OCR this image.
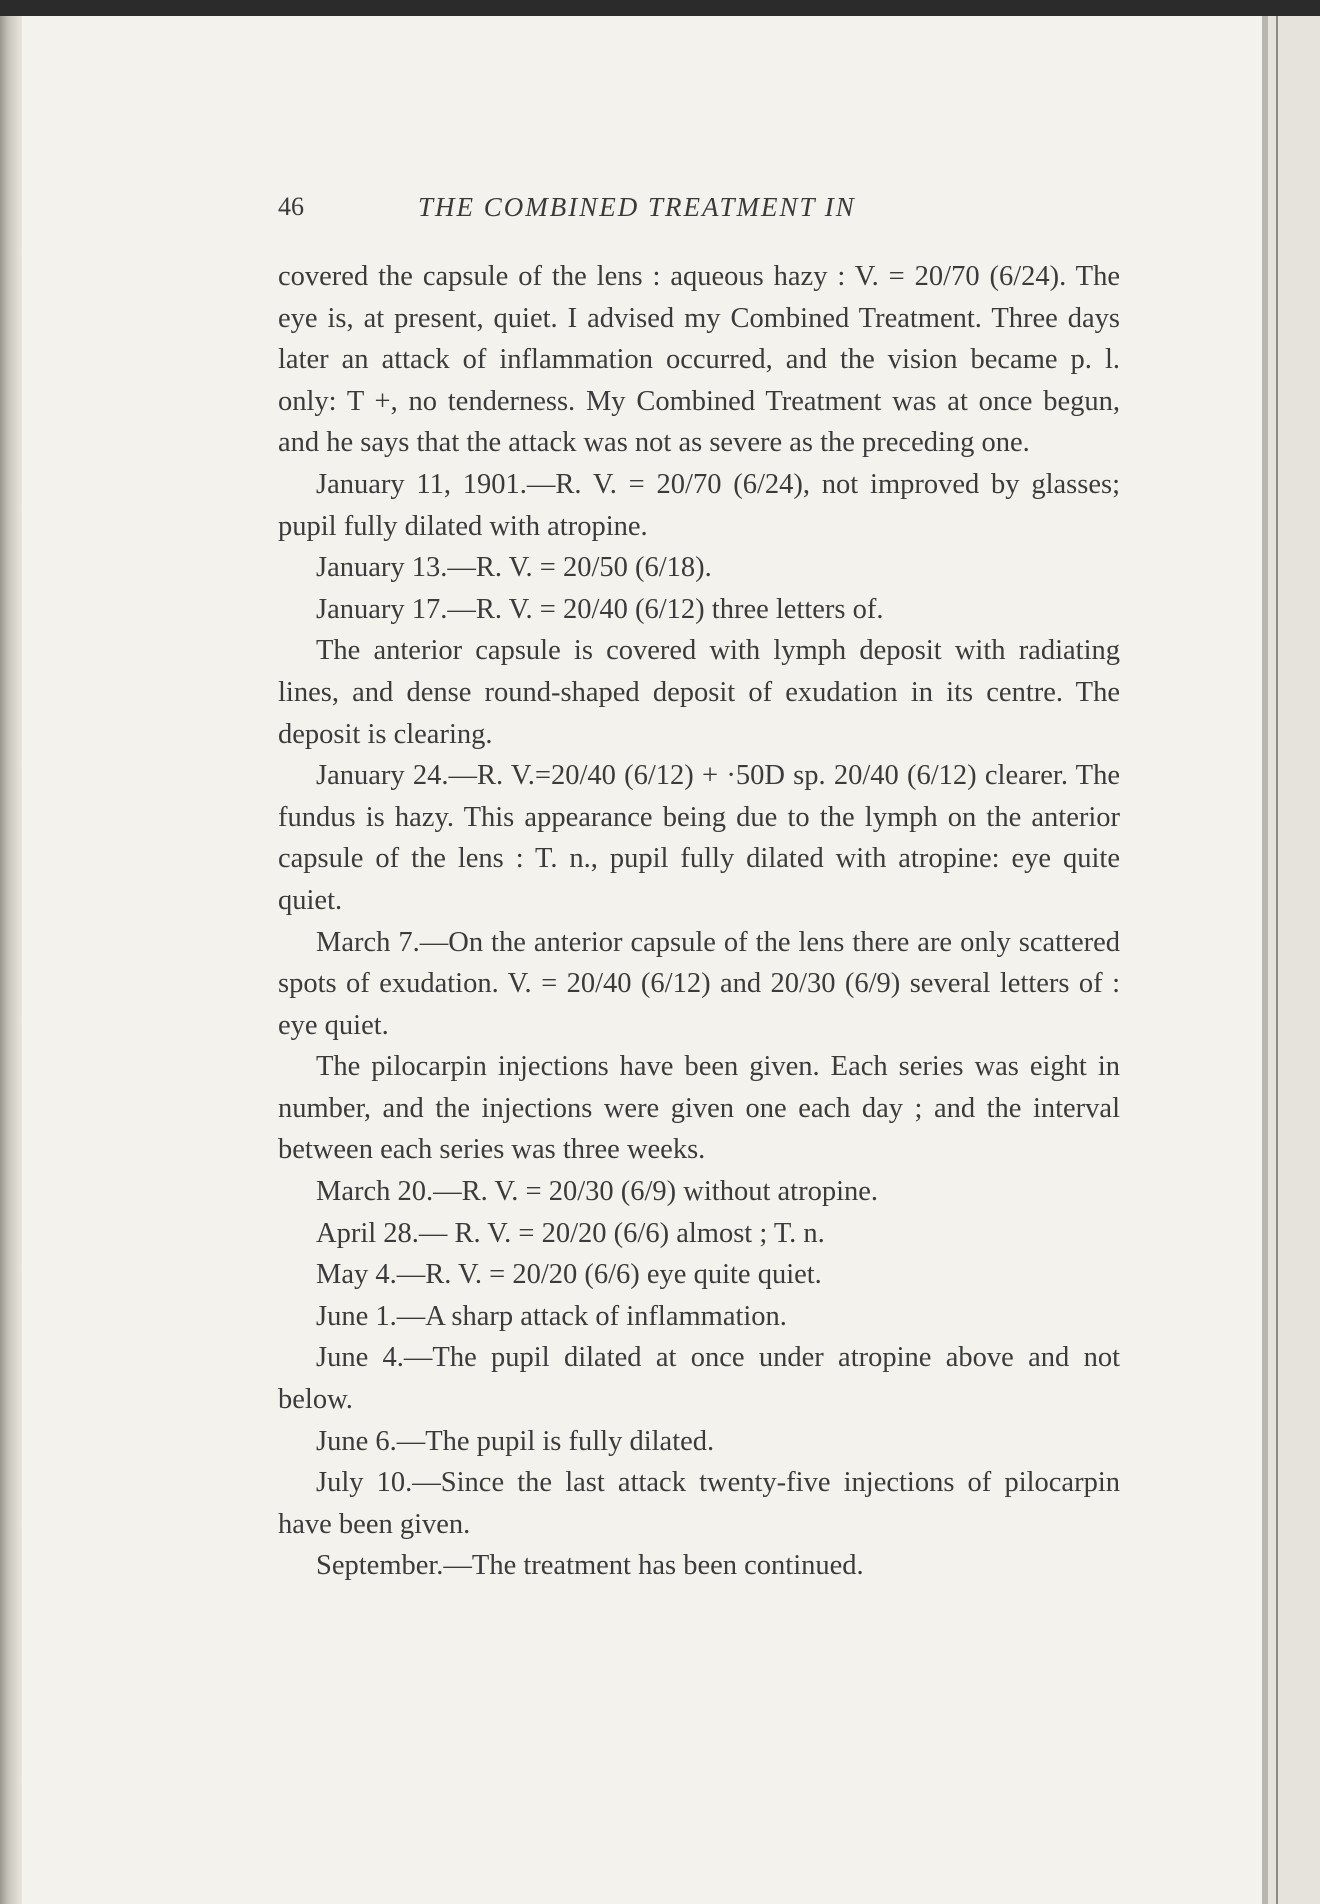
46	THE COMBINED TREATMENT IN

covered the capsule of the lens : aqueous hazy : V. = 20/70 (6/24). The eye is, at present, quiet. I advised my Combined Treatment. Three days later an attack of inflammation occurred, and the vision became p. l. only: T +, no tenderness. My Combined Treatment was at once begun, and he says that the attack was not as severe as the preceding one.

January 11, 1901.—R. V. = 20/70 (6/24), not improved by glasses; pupil fully dilated with atropine.

January 13.—R. V. = 20/50 (6/18).

January 17.—R. V. = 20/40 (6/12) three letters of.

The anterior capsule is covered with lymph deposit with radiating lines, and dense round-shaped deposit of exudation in its centre. The deposit is clearing.

January 24.—R. V.=20/40 (6/12) + ·50D sp. 20/40 (6/12) clearer. The fundus is hazy. This appearance being due to the lymph on the anterior capsule of the lens : T. n., pupil fully dilated with atropine: eye quite quiet.

March 7.—On the anterior capsule of the lens there are only scattered spots of exudation. V. = 20/40 (6/12) and 20/30 (6/9) several letters of : eye quiet.

The pilocarpin injections have been given. Each series was eight in number, and the injections were given one each day ; and the interval between each series was three weeks.

March 20.—R. V. = 20/30 (6/9) without atropine.

April 28.— R. V. = 20/20 (6/6) almost ; T. n.

May 4.—R. V. = 20/20 (6/6) eye quite quiet.

June 1.—A sharp attack of inflammation.

June 4.—The pupil dilated at once under atropine above and not below.

June 6.—The pupil is fully dilated.

July 10.—Since the last attack twenty-five injections of pilocarpin have been given.

September.—The treatment has been continued.
